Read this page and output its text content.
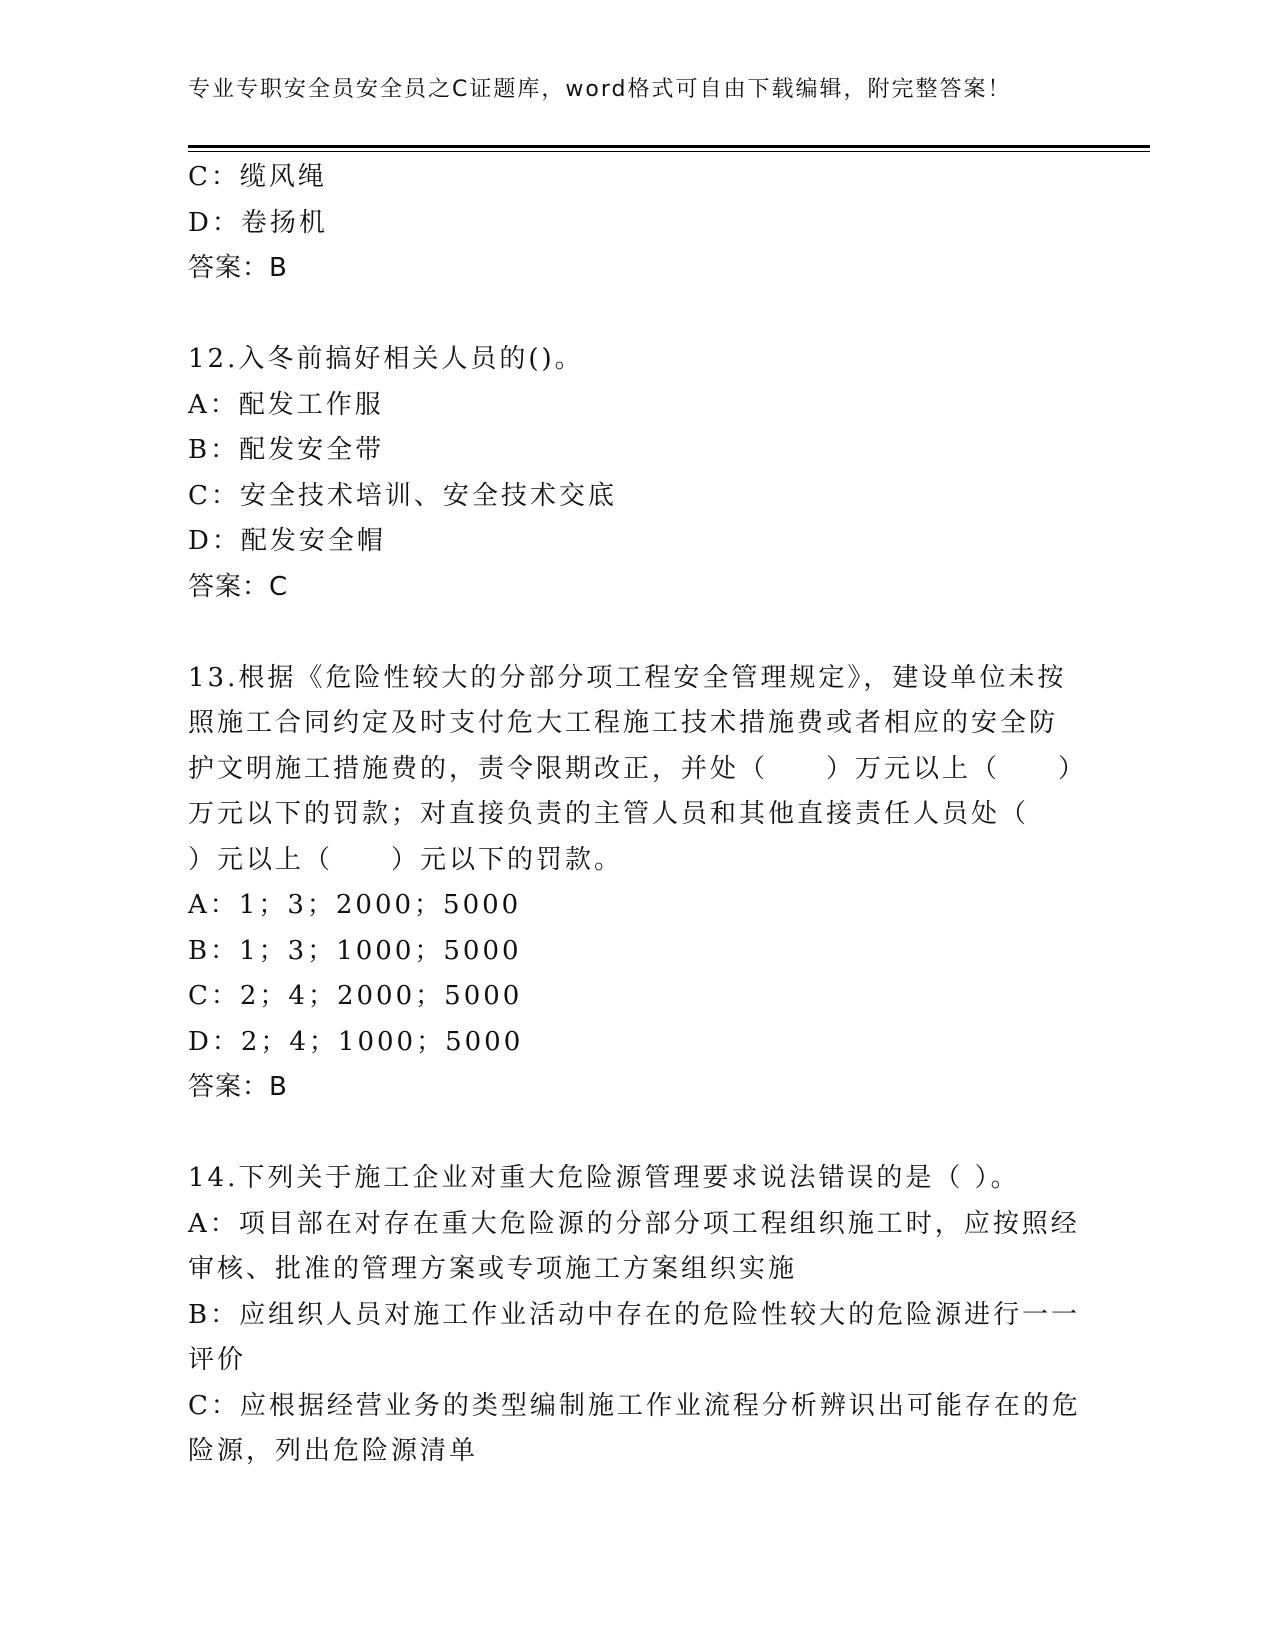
专业专职安全员安全员之C证题库，word格式可自由下载编辑，附完整答案！
C：缆风绳
D：卷扬机
答案：B
12.入冬前搞好相关人员的()。
A：配发工作服
B：配发安全带
C：安全技术培训、安全技术交底
D：配发安全帽
答案：C
13.根据《危险性较大的分部分项工程安全管理规定》，建设单位未按
照施工合同约定及时支付危大工程施工技术措施费或者相应的安全防
护文明施工措施费的，责令限期改正，并处（　　）万元以上（　　）
万元以下的罚款；对直接负责的主管人员和其他直接责任人员处（
）元以上（　　）元以下的罚款。
A：1；3；2000；5000
B：1；3；1000；5000
C：2；4；2000；5000
D：2；4；1000；5000
答案：B
14.下列关于施工企业对重大危险源管理要求说法错误的是（ ）。
A：项目部在对存在重大危险源的分部分项工程组织施工时，应按照经
审核、批准的管理方案或专项施工方案组织实施
B：应组织人员对施工作业活动中存在的危险性较大的危险源进行一一
评价
C：应根据经营业务的类型编制施工作业流程分析辨识出可能存在的危
险源，列出危险源清单
